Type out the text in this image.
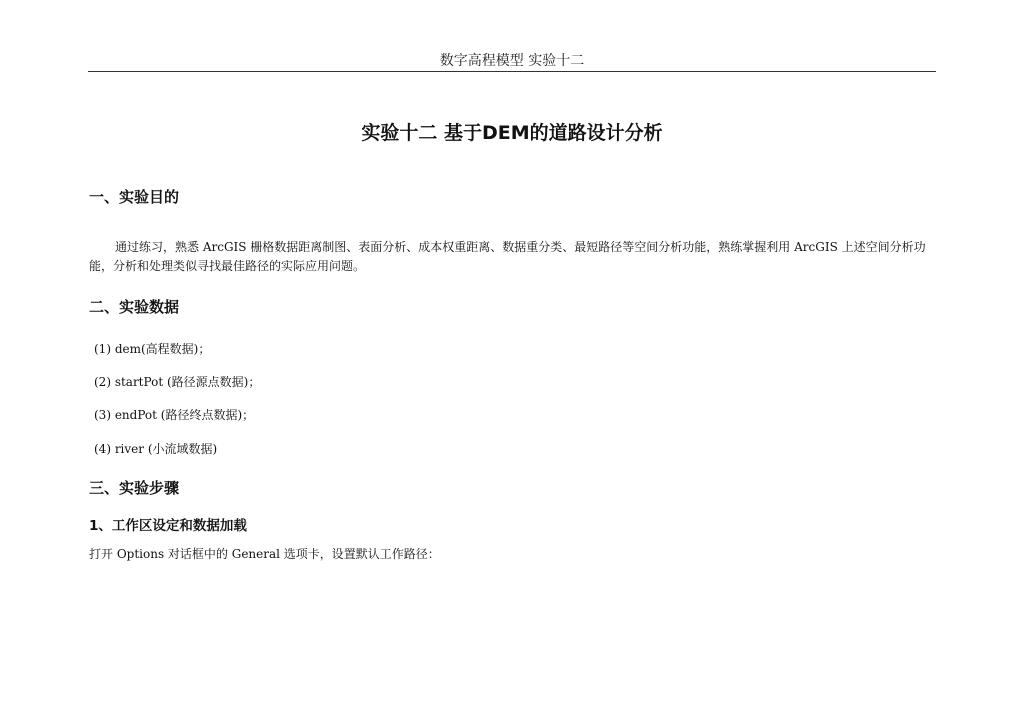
数字高程模型 实验十二
实验十二 基于DEM的道路设计分析
一、实验目的

通过练习，熟悉 ArcGIS 栅格数据距离制图、表面分析、成本权重距离、数据重分类、最短路径等空间分析功能，熟练掌握利用 ArcGIS 上述空间分析功能，分析和处理类似寻找最佳路径的实际应用问题。

二、实验数据

(1) dem(高程数据)；

(2) startPot (路径源点数据)；

(3) endPot (路径终点数据)；

(4) river (小流域数据)

三、实验步骤
1、工作区设定和数据加载

打开 Options 对话框中的 General 选项卡，设置默认工作路径：
